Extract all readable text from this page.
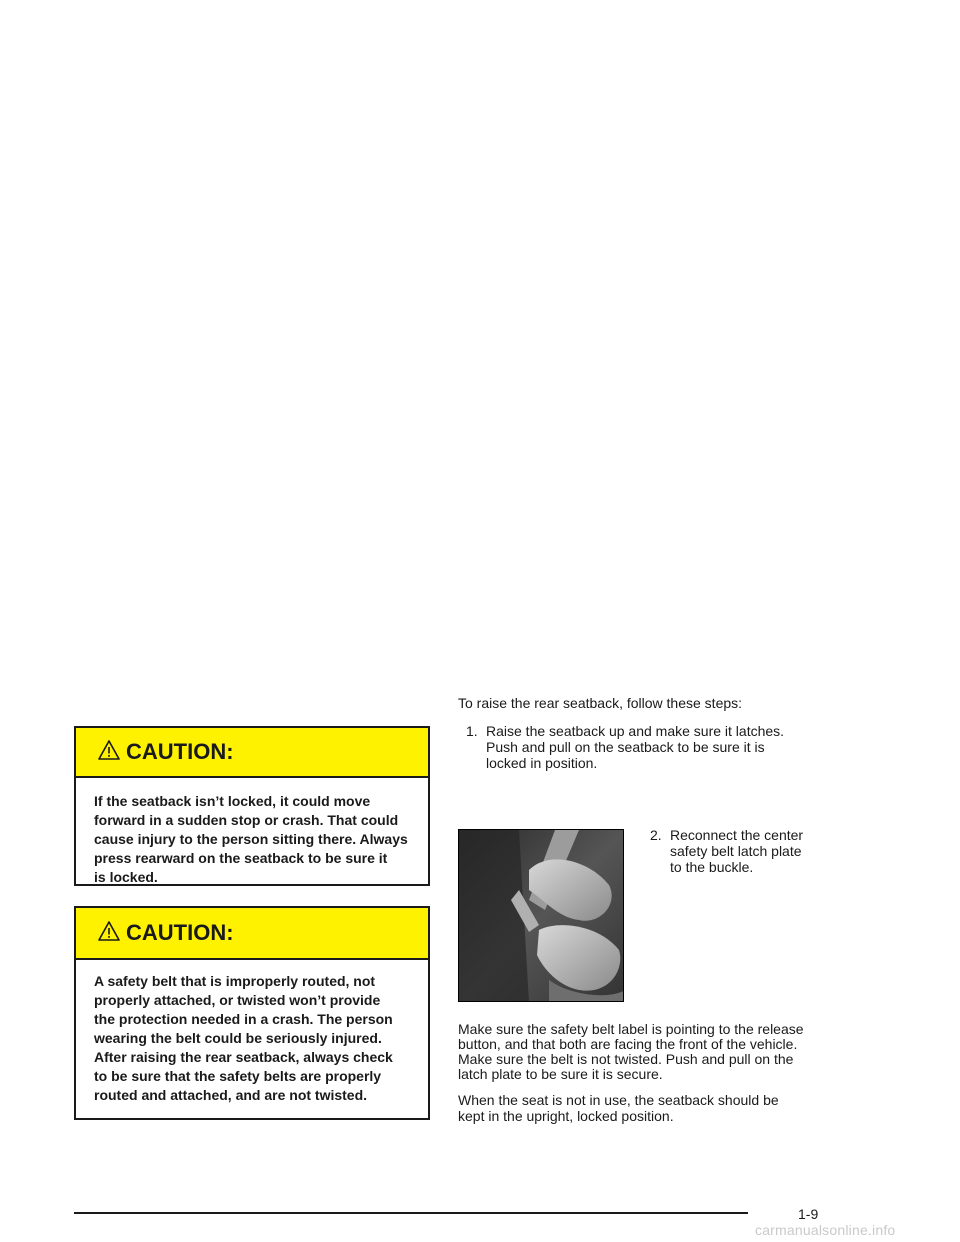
CAUTION:
If the seatback isn’t locked, it could move
forward in a sudden stop or crash. That could
cause injury to the person sitting there. Always
press rearward on the seatback to be sure it
is locked.
CAUTION:
A safety belt that is improperly routed, not
properly attached, or twisted won’t provide
the protection needed in a crash. The person
wearing the belt could be seriously injured.
After raising the rear seatback, always check
to be sure that the safety belts are properly
routed and attached, and are not twisted.
To raise the rear seatback, follow these steps:
1. Raise the seatback up and make sure it latches.
Push and pull on the seatback to be sure it is
locked in position.
2. Reconnect the center
safety belt latch plate
to the buckle.
Make sure the safety belt label is pointing to the release
button, and that both are facing the front of the vehicle.
Make sure the belt is not twisted. Push and pull on the
latch plate to be sure it is secure.
When the seat is not in use, the seatback should be
kept in the upright, locked position.
1-9
carmanualsonline.info
